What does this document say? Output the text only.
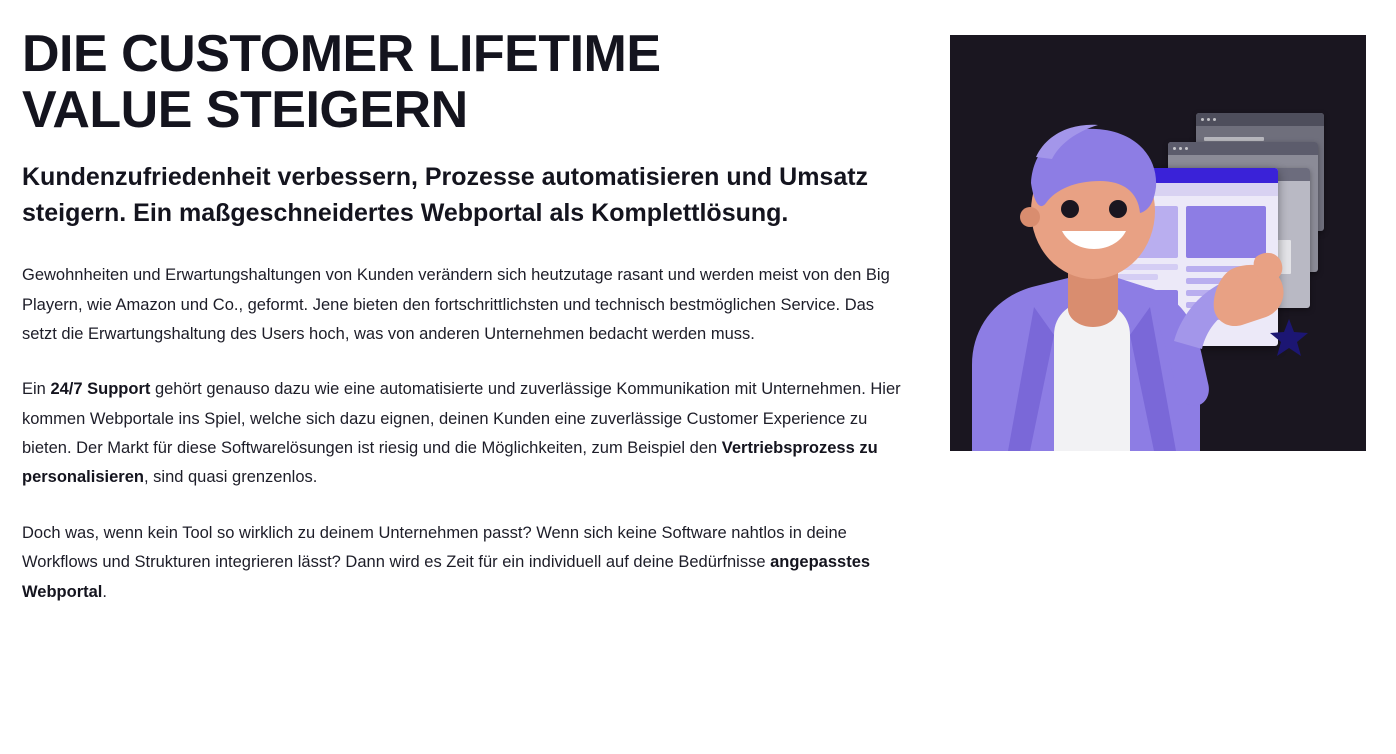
DIE CUSTOMER LIFETIME VALUE STEIGERN

Kundenzufriedenheit verbessern, Prozesse automatisieren und Umsatz steigern. Ein maßgeschneidertes Webportal als Komplettlösung.

Gewohnheiten und Erwartungshaltungen von Kunden verändern sich heutzutage rasant und werden meist von den Big Playern, wie Amazon und Co., geformt. Jene bieten den fortschrittlichsten und technisch bestmöglichen Service. Das setzt die Erwartungshaltung des Users hoch, was von anderen Unternehmen bedacht werden muss.

Ein 24/7 Support gehört genauso dazu wie eine automatisierte und zuverlässige Kommunikation mit Unternehmen. Hier kommen Webportale ins Spiel, welche sich dazu eignen, deinen Kunden eine zuverlässige Customer Experience zu bieten. Der Markt für diese Softwarelösungen ist riesig und die Möglichkeiten, zum Beispiel den Vertriebsprozess zu personalisieren, sind quasi grenzenlos.

Doch was, wenn kein Tool so wirklich zu deinem Unternehmen passt? Wenn sich keine Software nahtlos in deine Workflows und Strukturen integrieren lässt? Dann wird es Zeit für ein individuell auf deine Bedürfnisse angepasstes Webportal.
